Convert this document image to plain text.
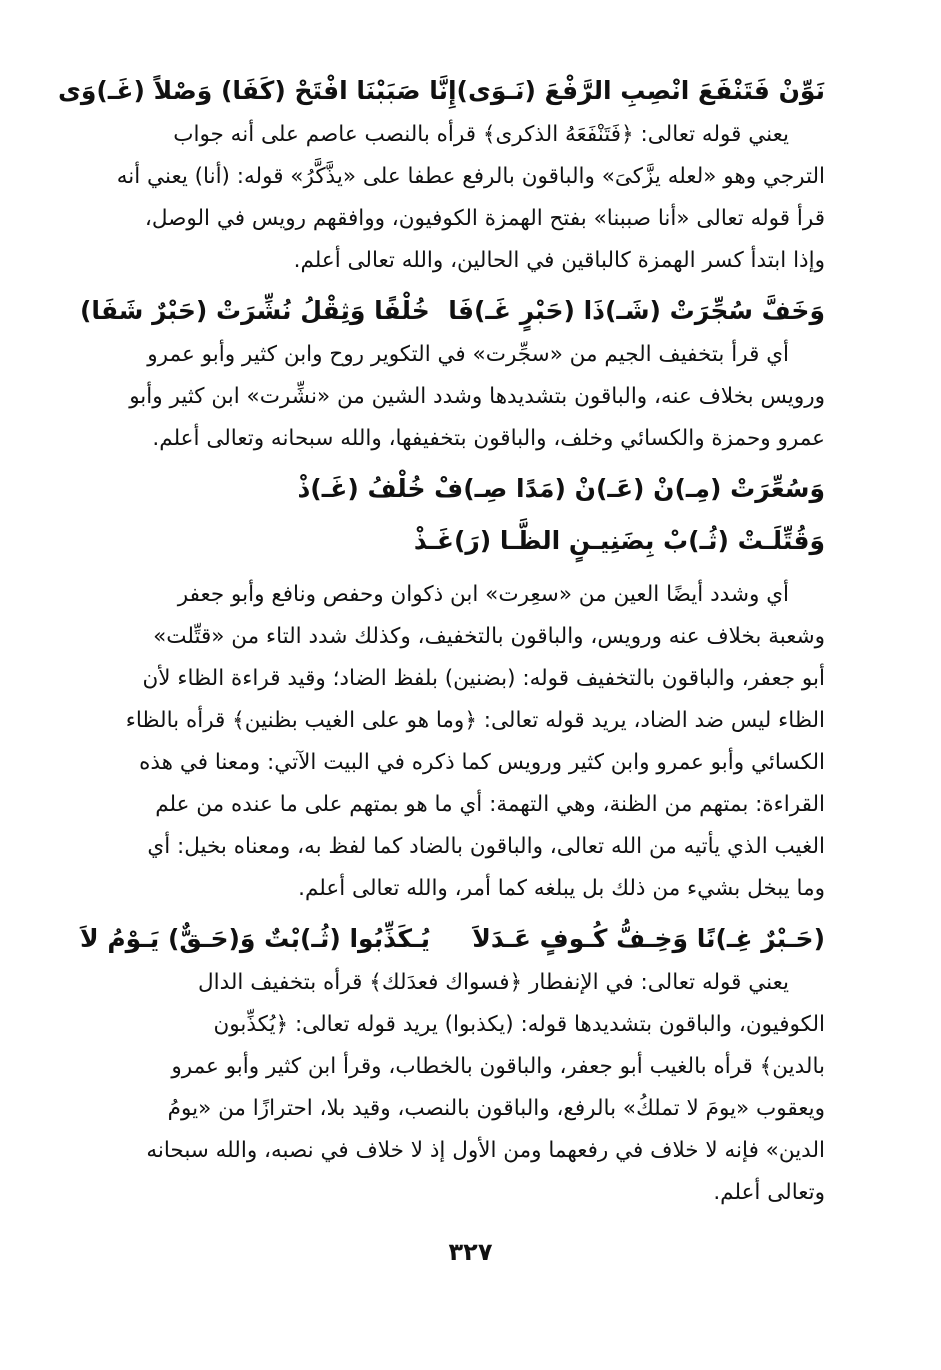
نَوِّنْ فَتَنْفَعَ انْصِبِ الرَّفْعَ (نَـوَى)
إِنَّا صَبَبْنَا افْتَحْ (كَفَا) وَصْلاً (غَـ)وَى

يعني قوله تعالى: ﴿فَتَنْفَعَهُ الذكرى﴾ قرأه بالنصب عاصم على أنه جواب

الترجي وهو «لعله يزَّكىَ» والباقون بالرفع عطفا على «يذَّكَّرُ» قوله: (أنا) يعني أنه

قرأ قوله تعالى «أنا صببنا» بفتح الهمزة الكوفيون، ووافقهم رويس في الوصل،

وإذا ابتدأ كسر الهمزة كالباقين في الحالين، والله تعالى أعلم.

وَخَفَّ سُجِّرَتْ (شَـ)ذَا (حَبْرٍ غَـ)فَا
خُلْفًا وَثِقْلُ نُشِّرَتْ (حَبْرٌ شَفَا)

أي قرأ بتخفيف الجيم من «سجِّرت» في التكوير روح وابن كثير وأبو عمرو

ورويس بخلاف عنه، والباقون بتشديدها وشدد الشين من «نشِّرت» ابن كثير وأبو

عمرو وحمزة والكسائي وخلف، والباقون بتخفيفها، والله سبحانه وتعالى أعلم.

وَسُعِّرَتْ (مِـ)نْ (عَـ)نْ (مَدًا صِـ)فْ خُلْفُ (غَـ)ذْ
وَقُتِّلَـتْ (ثُـ)بْ بِضَنِيـنٍ الظَّـا (رَ)غَـذْ

أي وشدد أيضًا العين من «سعِرت» ابن ذكوان وحفص ونافع وأبو جعفر

وشعبة بخلاف عنه ورويس، والباقون بالتخفيف، وكذلك شدد التاء من «قتِّلت»

أبو جعفر، والباقون بالتخفيف قوله: (بضنين) بلفظ الضاد؛ وقيد قراءة الظاء لأن

الظاء ليس ضد الضاد، يريد قوله تعالى: ﴿وما هو على الغيب بظنين﴾ قرأه بالظاء

الكسائي وأبو عمرو وابن كثير ورويس كما ذكره في البيت الآتي: ومعنا في هذه

القراءة: بمتهم من الظنة، وهي التهمة: أي ما هو بمتهم على ما عنده من علم

الغيب الذي يأتيه من الله تعالى، والباقون بالضاد كما لفظ به، ومعناه بخيل: أي

وما يبخل بشيء من ذلك بل يبلغه كما أمر، والله تعالى أعلم.

(حَـبْرٌ غِـ)نًا وَخِـفُّ كُـوفٍ عَـدَلاَ
يُـكَذِّبُوا (ثُـ)بْتٌ وَ(حَـقٌّ) يَـوْمُ لاَ

يعني قوله تعالى: في الإنفطار ﴿فسواك فعدَلك﴾ قرأه بتخفيف الدال

الكوفيون، والباقون بتشديدها قوله: (يكذبوا) يريد قوله تعالى: ﴿يُكذِّبون

بالدين﴾ قرأه بالغيب أبو جعفر، والباقون بالخطاب، وقرأ ابن كثير وأبو عمرو

ويعقوب «يومَ لا تملكُ» بالرفع، والباقون بالنصب، وقيد بلا، احترازًا من «يومُ

الدين» فإنه لا خلاف في رفعهما ومن الأول إذ لا خلاف في نصبه، والله سبحانه

وتعالى أعلم.

٣٢٧
